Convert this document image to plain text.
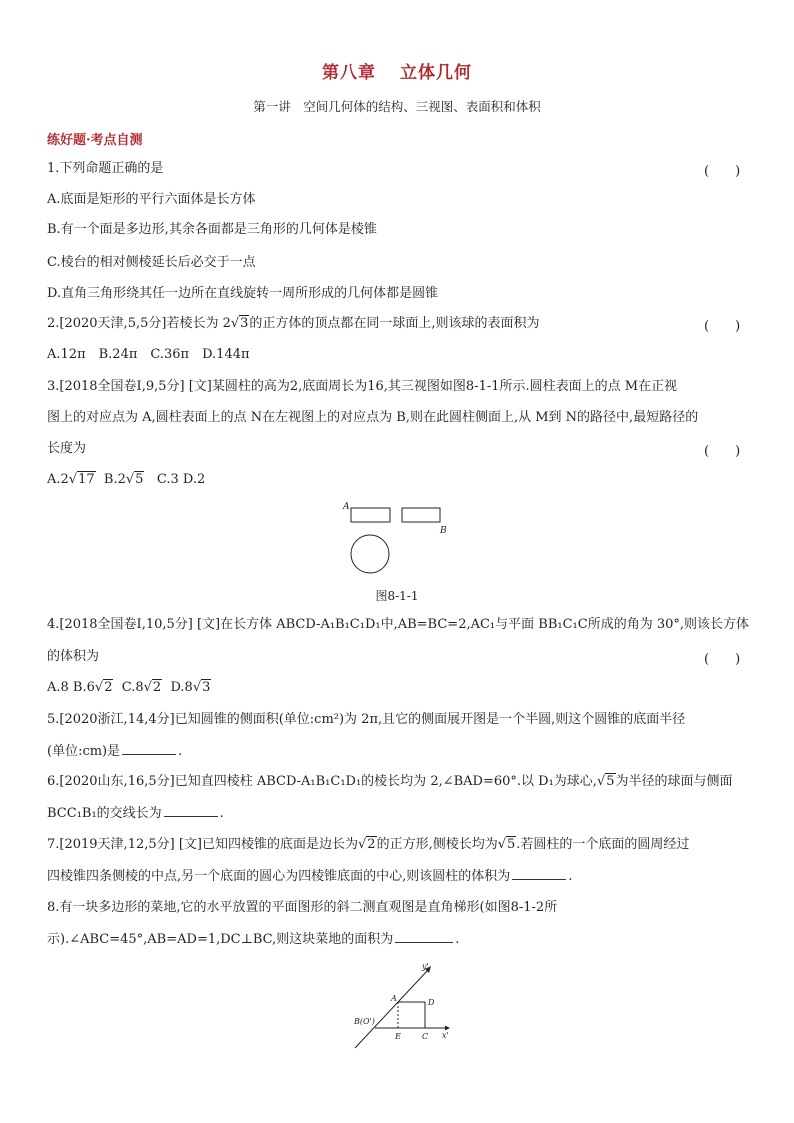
第八章 立体几何
第一讲　空间几何体的结构、三视图、表面积和体积
练好题·考点自测
1.下列命题正确的是	(　　)
A.底面是矩形的平行六面体是长方体
B.有一个面是多边形,其余各面都是三角形的几何体是棱锥
C.棱台的相对侧棱延长后必交于一点
D.直角三角形绕其任一边所在直线旋转一周所形成的几何体都是圆锥
2.[2020天津,5,5分]若棱长为 2√3的正方体的顶点都在同一球面上,则该球的表面积为	(　　)
A.12π　B.24π　C.36π　D.144π
3.[2018全国卷Ⅰ,9,5分] [文]某圆柱的高为2,底面周长为16,其三视图如图8-1-1所示.圆柱表面上的点 M在正视
图上的对应点为 A,圆柱表面上的点 N在左视图上的对应点为 B,则在此圆柱侧面上,从 M到 N的路径中,最短路径的
长度为	(　　)
A.2√17 B.2√5 C.3 D.2
A
B
图8-1-1
4.[2018全国卷Ⅰ,10,5分] [文]在长方体 ABCD-A₁B₁C₁D₁中,AB=BC=2,AC₁与平面 BB₁C₁C所成的角为 30°,则该长方体
的体积为	(　　)
A.8 B.6√2 C.8√2 D.8√3
5.[2020浙江,14,4分]已知圆锥的侧面积(单位:cm²)为 2π,且它的侧面展开图是一个半圆,则这个圆锥的底面半径
(单位:cm)是	.
6.[2020山东,16,5分]已知直四棱柱 ABCD-A₁B₁C₁D₁的棱长均为 2,∠BAD=60°.以 D₁为球心,√5为半径的球面与侧面
BCC₁B₁的交线长为	.
7.[2019天津,12,5分] [文]已知四棱锥的底面是边长为√2的正方形,侧棱长均为√5.若圆柱的一个底面的圆周经过
四棱锥四条侧棱的中点,另一个底面的圆心为四棱锥底面的中心,则该圆柱的体积为	.
8.有一块多边形的菜地,它的水平放置的平面图形的斜二测直观图是直角梯形(如图8-1-2所
示).∠ABC=45°,AB=AD=1,DC⊥BC,则这块菜地的面积为	.
y'
x'
A	D
B(O')
E	C
